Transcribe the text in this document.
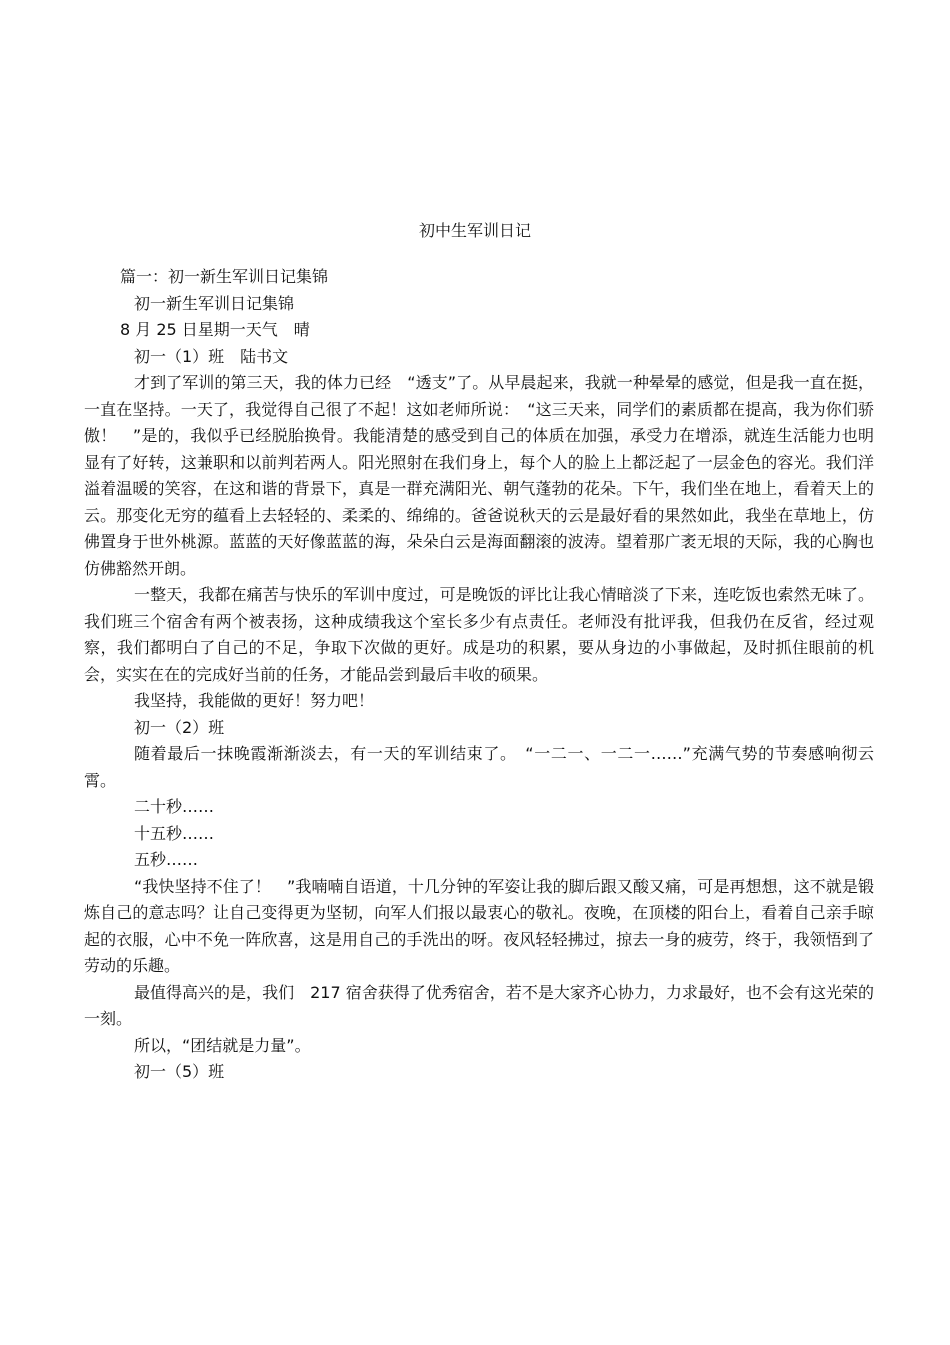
初中生军训日记

篇一：初一新生军训日记集锦

初一新生军训日记集锦

8 月 25 日星期一天气　晴

初一（1）班　陆书文

才到了军训的第三天，我的体力已经　“透支”了。从早晨起来，我就一种晕晕的感觉，但是我一直在挺，一直在坚持。一天了，我觉得自己很了不起！这如老师所说：　“这三天来，同学们的素质都在提高，我为你们骄傲！　”是的，我似乎已经脱胎换骨。我能清楚的感受到自己的体质在加强，承受力在增添，就连生活能力也明显有了好转，这兼职和以前判若两人。阳光照射在我们身上，每个人的脸上上都泛起了一层金色的容光。我们洋溢着温暖的笑容，在这和谐的背景下，真是一群充满阳光、朝气蓬勃的花朵。下午，我们坐在地上，看着天上的云。那变化无穷的蕴看上去轻轻的、柔柔的、绵绵的。爸爸说秋天的云是最好看的果然如此，我坐在草地上，仿佛置身于世外桃源。蓝蓝的天好像蓝蓝的海，朵朵白云是海面翻滚的波涛。望着那广袤无垠的天际，我的心胸也仿佛豁然开朗。

一整天，我都在痛苦与快乐的军训中度过，可是晚饭的评比让我心情暗淡了下来，连吃饭也索然无味了。我们班三个宿舍有两个被表扬，这种成绩我这个室长多少有点责任。老师没有批评我，但我仍在反省，经过观察，我们都明白了自己的不足，争取下次做的更好。成是功的积累，要从身边的小事做起，及时抓住眼前的机会，实实在在的完成好当前的任务，才能品尝到最后丰收的硕果。

我坚持，我能做的更好！努力吧！

初一（2）班

随着最后一抹晚霞渐渐淡去，有一天的军训结束了。　“一二一、一二一……”充满气势的节奏感响彻云霄。

二十秒……

十五秒……

五秒……

“我快坚持不住了！　”我喃喃自语道，十几分钟的军姿让我的脚后跟又酸又痛，可是再想想，这不就是锻炼自己的意志吗？让自己变得更为坚韧，向军人们报以最衷心的敬礼。夜晚，在顶楼的阳台上，看着自己亲手晾起的衣服，心中不免一阵欣喜，这是用自己的手洗出的呀。夜风轻轻拂过，掠去一身的疲劳，终于，我领悟到了劳动的乐趣。

最值得高兴的是，我们　217 宿舍获得了优秀宿舍，若不是大家齐心协力，力求最好，也不会有这光荣的一刻。

所以，“团结就是力量”。

初一（5）班
